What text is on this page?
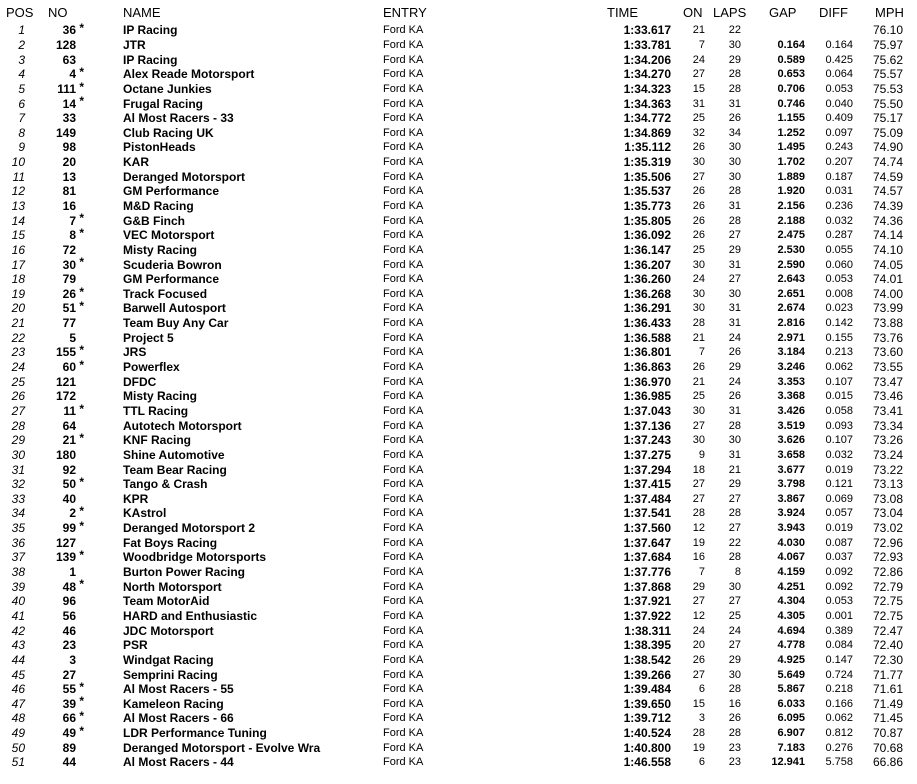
POS	NO		NAME	ENTRY	TIME	ON	LAPS	GAP	DIFF	MPH
1	36 *		IP Racing	Ford KA	1:33.617	21	22			76.10
2	128		JTR	Ford KA	1:33.781	7	30	0.164	0.164	75.97
3	63		IP Racing	Ford KA	1:34.206	24	29	0.589	0.425	75.62
4	4 *		Alex Reade Motorsport	Ford KA	1:34.270	27	28	0.653	0.064	75.57
5	111 *		Octane Junkies	Ford KA	1:34.323	15	28	0.706	0.053	75.53
6	14 *		Frugal Racing	Ford KA	1:34.363	31	31	0.746	0.040	75.50
7	33		Al Most Racers - 33	Ford KA	1:34.772	25	26	1.155	0.409	75.17
8	149		Club Racing UK	Ford KA	1:34.869	32	34	1.252	0.097	75.09
9	98		PistonHeads	Ford KA	1:35.112	26	30	1.495	0.243	74.90
10	20		KAR	Ford KA	1:35.319	30	30	1.702	0.207	74.74
11	13		Deranged Motorsport	Ford KA	1:35.506	27	30	1.889	0.187	74.59
12	81		GM Performance	Ford KA	1:35.537	26	28	1.920	0.031	74.57
13	16		M&D Racing	Ford KA	1:35.773	26	31	2.156	0.236	74.39
14	7 *		G&B Finch	Ford KA	1:35.805	26	28	2.188	0.032	74.36
15	8 *		VEC Motorsport	Ford KA	1:36.092	26	27	2.475	0.287	74.14
16	72		Misty Racing	Ford KA	1:36.147	25	29	2.530	0.055	74.10
17	30 *		Scuderia Bowron	Ford KA	1:36.207	30	31	2.590	0.060	74.05
18	79		GM Performance	Ford KA	1:36.260	24	27	2.643	0.053	74.01
19	26 *		Track Focused	Ford KA	1:36.268	30	30	2.651	0.008	74.00
20	51 *		Barwell Autosport	Ford KA	1:36.291	30	31	2.674	0.023	73.99
21	77		Team Buy Any Car	Ford KA	1:36.433	28	31	2.816	0.142	73.88
22	5		Project 5	Ford KA	1:36.588	21	24	2.971	0.155	73.76
23	155 *		JRS	Ford KA	1:36.801	7	26	3.184	0.213	73.60
24	60 *		Powerflex	Ford KA	1:36.863	26	29	3.246	0.062	73.55
25	121		DFDC	Ford KA	1:36.970	21	24	3.353	0.107	73.47
26	172		Misty Racing	Ford KA	1:36.985	25	26	3.368	0.015	73.46
27	11 *		TTL Racing	Ford KA	1:37.043	30	31	3.426	0.058	73.41
28	64		Autotech Motorsport	Ford KA	1:37.136	27	28	3.519	0.093	73.34
29	21 *		KNF Racing	Ford KA	1:37.243	30	30	3.626	0.107	73.26
30	180		Shine Automotive	Ford KA	1:37.275	9	31	3.658	0.032	73.24
31	92		Team Bear Racing	Ford KA	1:37.294	18	21	3.677	0.019	73.22
32	50 *		Tango & Crash	Ford KA	1:37.415	27	29	3.798	0.121	73.13
33	40		KPR	Ford KA	1:37.484	27	27	3.867	0.069	73.08
34	2 *		KAstrol	Ford KA	1:37.541	28	28	3.924	0.057	73.04
35	99 *		Deranged Motorsport 2	Ford KA	1:37.560	12	27	3.943	0.019	73.02
36	127		Fat Boys Racing	Ford KA	1:37.647	19	22	4.030	0.087	72.96
37	139 *		Woodbridge Motorsports	Ford KA	1:37.684	16	28	4.067	0.037	72.93
38	1		Burton Power Racing	Ford KA	1:37.776	7	8	4.159	0.092	72.86
39	48 *		North Motorsport	Ford KA	1:37.868	29	30	4.251	0.092	72.79
40	96		Team MotorAid	Ford KA	1:37.921	27	27	4.304	0.053	72.75
41	56		HARD and Enthusiastic	Ford KA	1:37.922	12	25	4.305	0.001	72.75
42	46		JDC Motorsport	Ford KA	1:38.311	24	24	4.694	0.389	72.47
43	23		PSR	Ford KA	1:38.395	20	27	4.778	0.084	72.40
44	3		Windgat Racing	Ford KA	1:38.542	26	29	4.925	0.147	72.30
45	27		Semprini Racing	Ford KA	1:39.266	27	30	5.649	0.724	71.77
46	55 *		Al Most Racers - 55	Ford KA	1:39.484	6	28	5.867	0.218	71.61
47	39 *		Kameleon Racing	Ford KA	1:39.650	15	16	6.033	0.166	71.49
48	66 *		Al Most Racers - 66	Ford KA	1:39.712	3	26	6.095	0.062	71.45
49	49 *		LDR Performance Tuning	Ford KA	1:40.524	28	28	6.907	0.812	70.87
50	89		Deranged Motorsport - Evolve Wra	Ford KA	1:40.800	19	23	7.183	0.276	70.68
51	44		Al Most Racers - 44	Ford KA	1:46.558	6	23	12.941	5.758	66.86
